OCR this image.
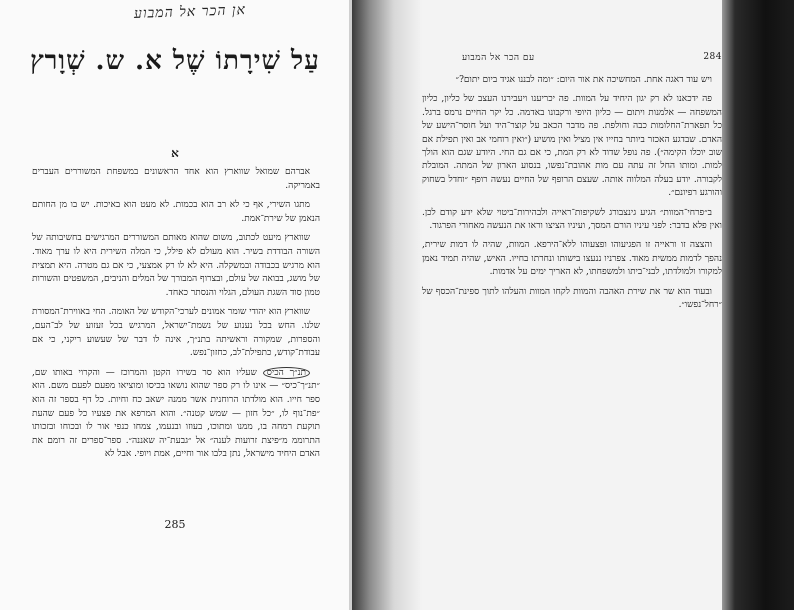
אן הכר אל המבוע
עַל שִׁירָתוֹ שֶׁל א. ש. שְׁוָרץ
א

אברהם שמואל שווארץ הוא אחד הראשונים במשפחת המשוררים העברים באמריקה.

מתגו השירי, אף כי לא רב הוא בכמות. לא מעט הוא באיכות. יש בו מן החותם הנאמן של שירת־אמת.

שווארץ מיעט לכתוב, משום שהוא מאותם המשוררים המרגישים בחשיבותה של השורה הבודדת בשיר. הוא מעולם לא פילל, כי המלה השירית היא לו ערך מאוד. הוא מרגיש בכבודה ובמשקלה. היא לא לו רק אמצעי, כי אם גם מטרה. היא תמצית של מושג, בבואה של עולם, ובצרוף המבורך של המלים והניבים, המשפטים והשורות טמון סוד השגת העולם, הגלוי והנסתר כאחד.

שווארץ הוא יהודי שומר אמונים לערכי־הקודש של האומה. החי באווירת־המסורת שלנו. החש בכל נענוע של נשמת־ישראל, המרגיש בכל זעזוע של לב־העם, והספרות, שמקורה וראשיתה בתנ״ך, אינה לו דבר של שעשוע ריקני, כי אם עבודת־קודש, כתפילת־לב, כחזון־נפש.

תנ״ך הכיס שעליו הוא סר בשירו הקטן והמרוכז — והקרוי באותו שם, ״תנ״ך־כיס״ — אינו לו רק ספר שהוא נושאו בכיסו ומוציאו מפעם לפעם משם. הוא ספר חייו. הוא מולדתו הרוחנית אשר ממנה ישאב כח וחיות. כל דף בספר זה הוא ״פת־נוף לו, ״כל חזון — שמש קטנה״. והוא המרפא את פצעיו כל פעם שהעת תוקעת רמחה בו, ממנו ומתוכו, בעוזו ובנעמו, צמחו כנפי אור לו ובכוחו ובזכותו התרוממ מ״פיצת זרועות לענה״ אל ״גבעת־יה שאננה״. ספר־ספרים זה רומם את האדם היחיד מישראל, נתן בלבו אור וחיים, אמת ויופי. אבל לא

285
284
עם הכר אל המבוע

ויש עוד דאגה אחת. המחשיכה את אור היום: ״ומה לבננו אגיד ביום יתום?״

פה ידכאנו לא רק יגון היחיד על המוות. פה יכריענו ויעבירנו העצב של כליון, כליון המשפחה — אלמנות ויתום — כליון היופי ורקבונו באדמה. כל יקר החיים נרמס ברגל. כל תפארת־החלומות כבה וחולפת. פה מדבר הכאב על קוצר־היד ועל חוסר־הישע של האדם. שבדגע האכזר ביותר בחייו אין מציל ואין מושיע (״ואין רוחמי אב ואין תפילת אם שוב יוכלו הקימה״). פה נופל שדוד לא רק המת, כי אם גם החי. היודע שגם הוא הולך למות. ומותו החל זה עתה עם מות אהובת־נפשו, בנסוע הארון של המתה. המובלת לקבורה. יודע בעלה המלווה אותה. שעצם הרופף של החיים נעשה רופף ״וחדל בשחוק והורגע רפיונם״.

ב״פרחי־המוות״ הגיע גינצבורג לשקיפות־ראייה ולבהירות־ביטוי שלא ידע קודם לכן. ואין פלא בדבר: לפני עיניו הורם המסך, ועיניו הציצו וראו את הנעשה מאחורי הפרגוד.

והצצה זו וראייה זו הפגיעוהו ופצעוהו ללא־הירפא. המוות, שהיה לו דמות שירית, נהפך לדמות ממשית מאוד. צפרניו ננעצו בישותו ונחרתו בחייו. האיש, שהיה תמיד נאמן למקורו ולמולדתו, לבני־ביתו ולמשפחתו, לא האריך ימים על אדמות.

ובעוד הוא שר את שירת האהבה והמוות לקחו המוות והעלהו לתוך ספינת־הכסף של ״רחל־נפשו״.
